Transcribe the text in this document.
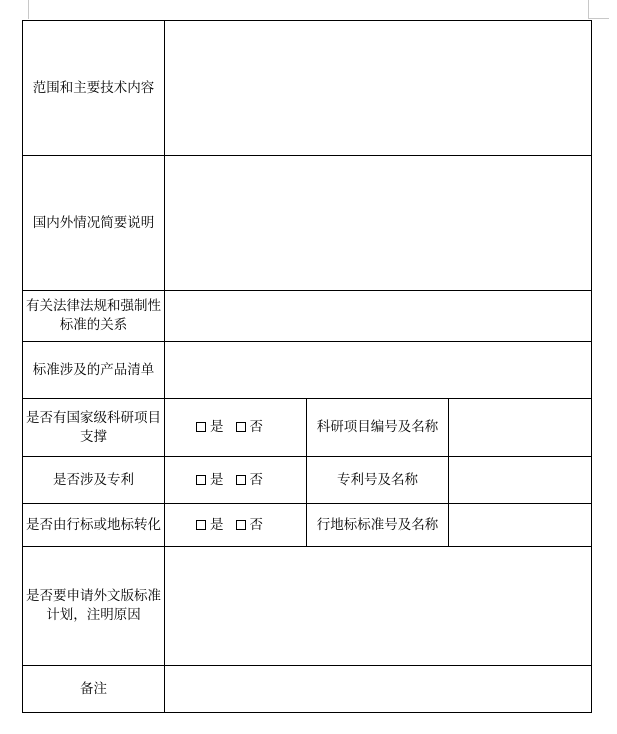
范围和主要技术内容			
国内外情况简要说明			
有关法律法规和强制性标准的关系			
标准涉及的产品清单			
是否有国家级科研项目支撑	是 否	科研项目编号及名称	
是否涉及专利	是 否	专利号及名称	
是否由行标或地标转化	是 否	行地标标准号及名称	
是否要申请外文版标准计划，注明原因			
备注			
